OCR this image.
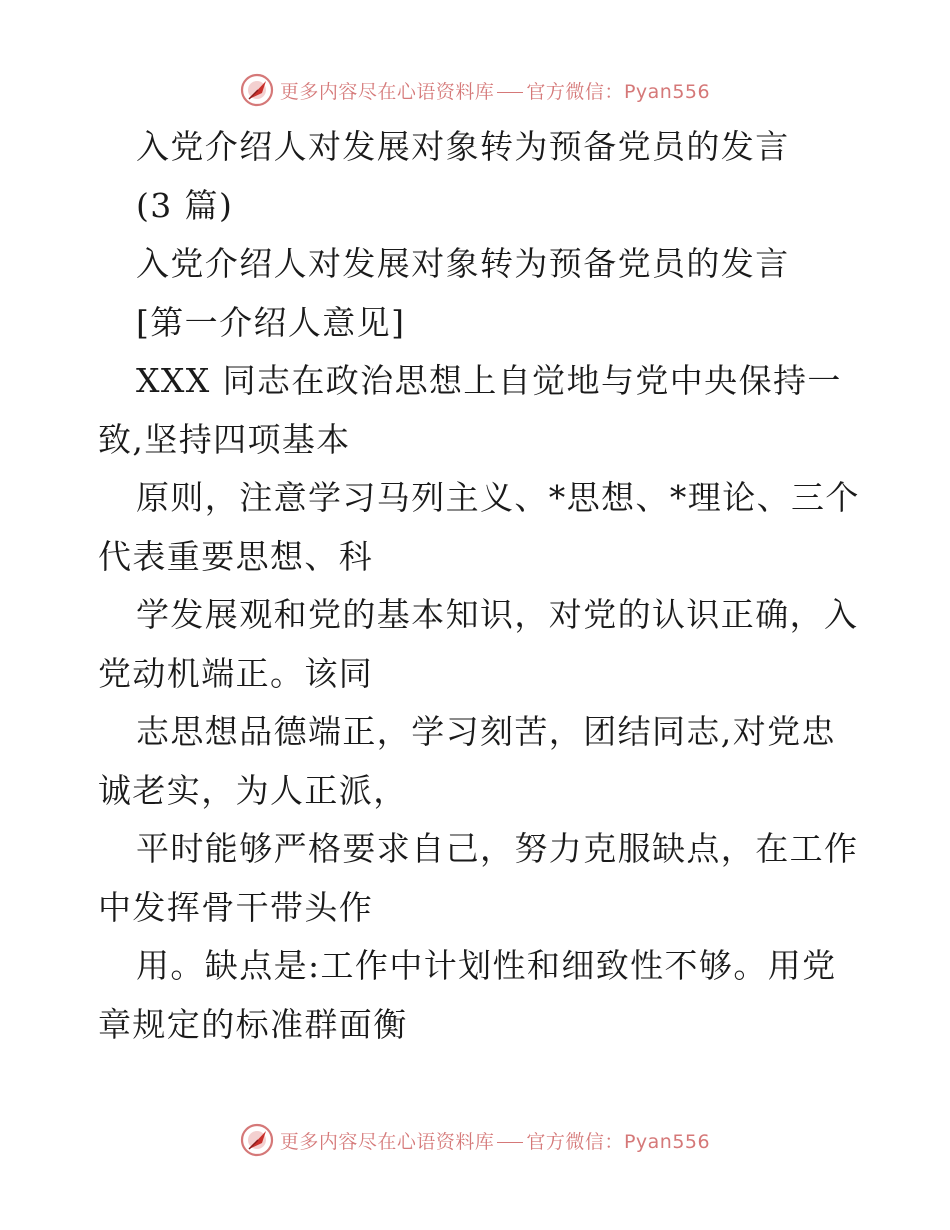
更多内容尽在心语资料库 官方微信：Pyan556
入党介绍人对发展对象转为预备党员的发言
(3 篇)
入党介绍人对发展对象转为预备党员的发言
[第一介绍人意见]
XXX 同志在政治思想上自觉地与党中央保持一
致,坚持四项基本
原则，注意学习马列主义、*思想、*理论、三个
代表重要思想、科
学发展观和党的基本知识，对党的认识正确，入
党动机端正。该同
志思想品德端正，学习刻苦，团结同志,对党忠
诚老实，为人正派，
平时能够严格要求自己，努力克服缺点，在工作
中发挥骨干带头作
用。缺点是:工作中计划性和细致性不够。用党
章规定的标准群面衡
更多内容尽在心语资料库 官方微信：Pyan556
